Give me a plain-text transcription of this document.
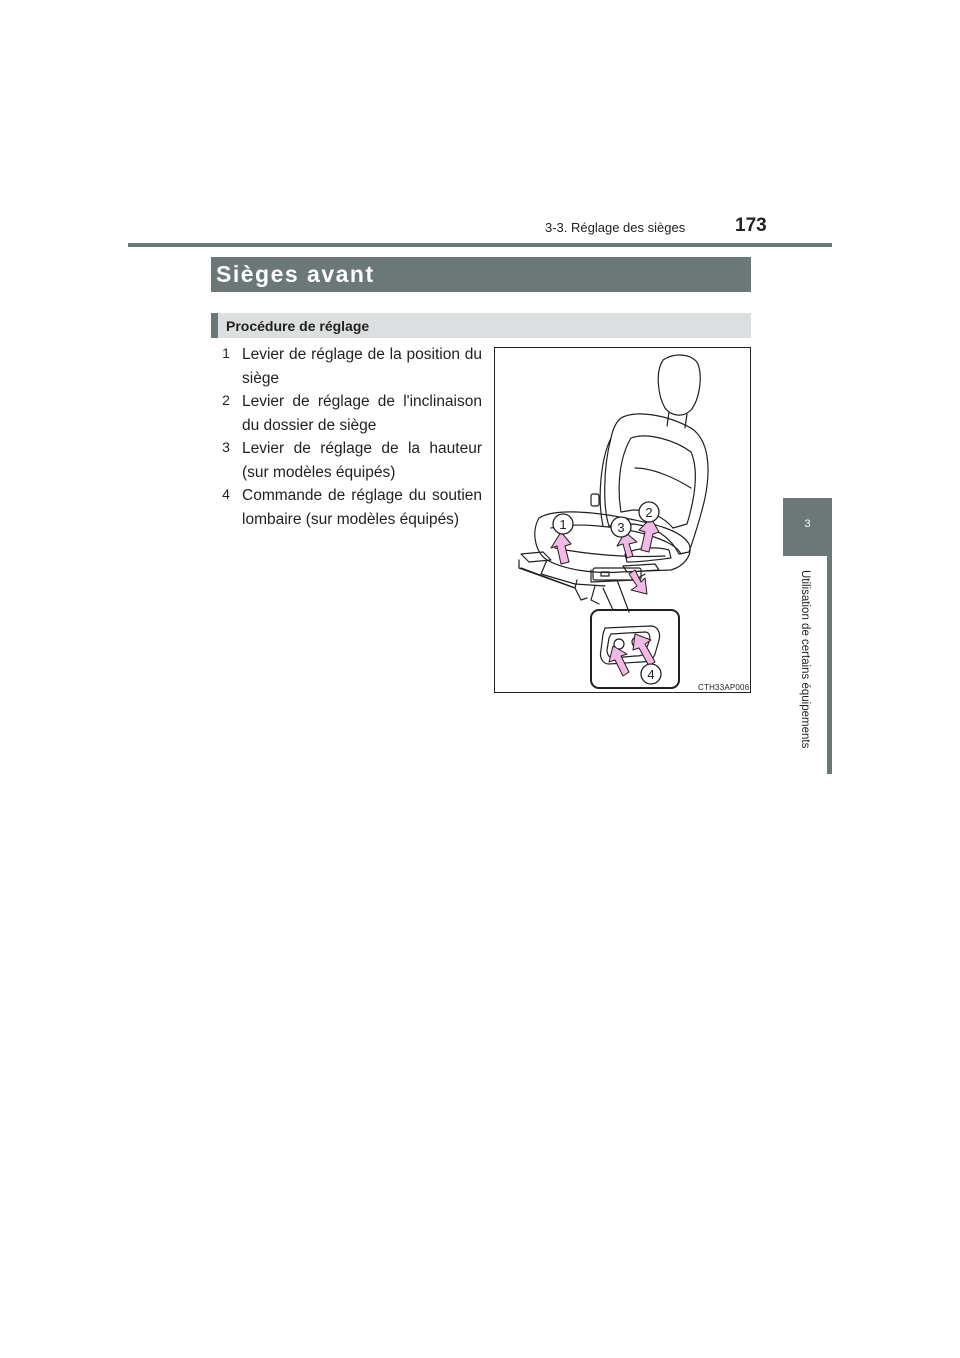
3-3. Réglage des sièges	173
Sièges avant
Procédure de réglage
1 Levier de réglage de la position du siège
2 Levier de réglage de l'inclinaison du dossier de siège
3 Levier de réglage de la hauteur (sur modèles équipés)
4 Commande de réglage du soutien lombaire (sur modèles équipés)	1
2
3
4
CTH33AP006
3
Utilisation de certains équipements
